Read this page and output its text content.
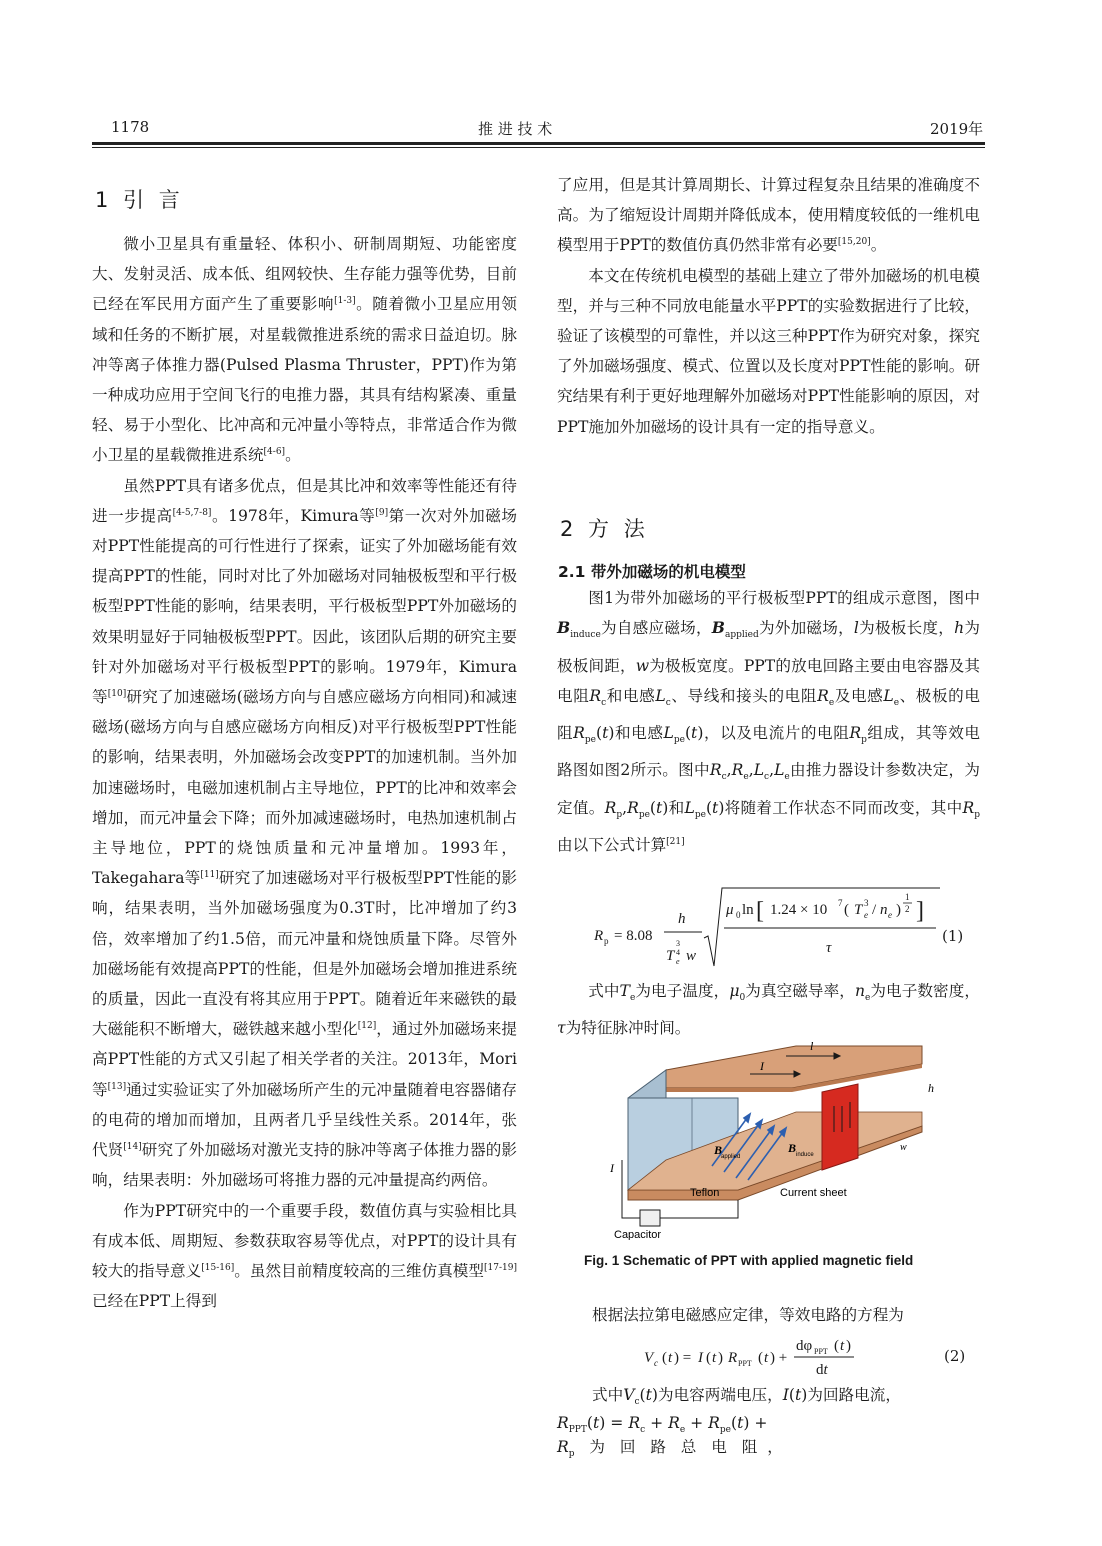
1178	推 进 技 术	2019年
1 引 言

微小卫星具有重量轻、体积小、研制周期短、功能密度大、发射灵活、成本低、组网较快、生存能力强等优势，目前已经在军民用方面产生了重要影响[1-3]。随着微小卫星应用领域和任务的不断扩展，对星载微推进系统的需求日益迫切。脉冲等离子体推力器(Pulsed Plasma Thruster，PPT)作为第一种成功应用于空间飞行的电推力器，其具有结构紧凑、重量轻、易于小型化、比冲高和元冲量小等特点，非常适合作为微小卫星的星载微推进系统[4-6]。

虽然PPT具有诸多优点，但是其比冲和效率等性能还有待进一步提高[4-5,7-8]。1978年，Kimura等[9]第一次对外加磁场对PPT性能提高的可行性进行了探索，证实了外加磁场能有效提高PPT的性能，同时对比了外加磁场对同轴极板型和平行极板型PPT性能的影响，结果表明，平行极板型PPT外加磁场的效果明显好于同轴极板型PPT。因此，该团队后期的研究主要针对外加磁场对平行极板型PPT的影响。1979年，Kimura等[10]研究了加速磁场(磁场方向与自感应磁场方向相同)和减速磁场(磁场方向与自感应磁场方向相反)对平行极板型PPT性能的影响，结果表明，外加磁场会改变PPT的加速机制。当外加加速磁场时，电磁加速机制占主导地位，PPT的比冲和效率会增加，而元冲量会下降；而外加减速磁场时，电热加速机制占主导地位，PPT的烧蚀质量和元冲量增加。1993年，Takegahara等[11]研究了加速磁场对平行极板型PPT性能的影响，结果表明，当外加磁场强度为0.3T时，比冲增加了约3倍，效率增加了约1.5倍，而元冲量和烧蚀质量下降。尽管外加磁场能有效提高PPT的性能，但是外加磁场会增加推进系统的质量，因此一直没有将其应用于PPT。随着近年来磁铁的最大磁能积不断增大，磁铁越来越小型化[12]，通过外加磁场来提高PPT性能的方式又引起了相关学者的关注。2013年，Mori等[13]通过实验证实了外加磁场所产生的元冲量随着电容器储存的电荷的增加而增加，且两者几乎呈线性关系。2014年，张代贤[14]研究了外加磁场对激光支持的脉冲等离子体推力器的影响，结果表明：外加磁场可将推力器的元冲量提高约两倍。

作为PPT研究中的一个重要手段，数值仿真与实验相比具有成本低、周期短、参数获取容易等优点，对PPT的设计具有较大的指导意义[15-16]。虽然目前精度较高的三维仿真模型[17-19]已经在PPT上得到

了应用，但是其计算周期长、计算过程复杂且结果的准确度不高。为了缩短设计周期并降低成本，使用精度较低的一维机电模型用于PPT的数值仿真仍然非常有必要[15,20]。

本文在传统机电模型的基础上建立了带外加磁场的机电模型，并与三种不同放电能量水平PPT的实验数据进行了比较，验证了该模型的可靠性，并以这三种PPT作为研究对象，探究了外加磁场强度、模式、位置以及长度对PPT性能的影响。研究结果有利于更好地理解外加磁场对PPT性能影响的原因，对PPT施加外加磁场的设计具有一定的指导意义。

2 方 法
2.1 带外加磁场的机电模型

图1为带外加磁场的平行极板型PPT的组成示意图，图中$B_{induce}$为自感应磁场，$B_{applied}$为外加磁场，l为极板长度，h为极板间距，w为极板宽度。PPT的放电回路主要由电容器及其电阻$R_c$和电感$L_c$、导线和接头的电阻$R_e$及电感$L_e$、极板的电阻$R_{pe}(t)$和电感$L_{pe}(t)$，以及电流片的电阻$R_p$组成，其等效电路图如图2所示。图中$R_c,R_e,L_c,L_e$由推力器设计参数决定，为定值。$R_p,R_{pe}(t)$和$L_{pe}(t)$将随着工作状态不同而改变，其中$R_p$由以下公式计算[21]

R p = 8.08
h
T
3
4
e w
μ 0 ln [ 1.24 × 10 7 ( T 3
e / n e )
1
2 ]
τ
(1)

式中$T_e$为电子温度，$\mu_0$为真空磁导率，$n_e$为电子数密度，τ为特征脉冲时间。

l
I
h
w
B
applied
B induce
I
Teflon	Current sheet
Capacitor
Fig. 1 Schematic of PPT with applied magnetic field
根据法拉第电磁感应定律，等效电路的方程为
V c ( t ) = I ( t ) R PPT ( t ) +
dφ PPT ( t )
dt
(2)
式中$V_c(t)$为电容两端电压，I(t)为回路电流，
$R_{PPT}(t) = R_c + R_e + R_{pe}(t) + R_p$   为   回   路   总   电   阻  ，
